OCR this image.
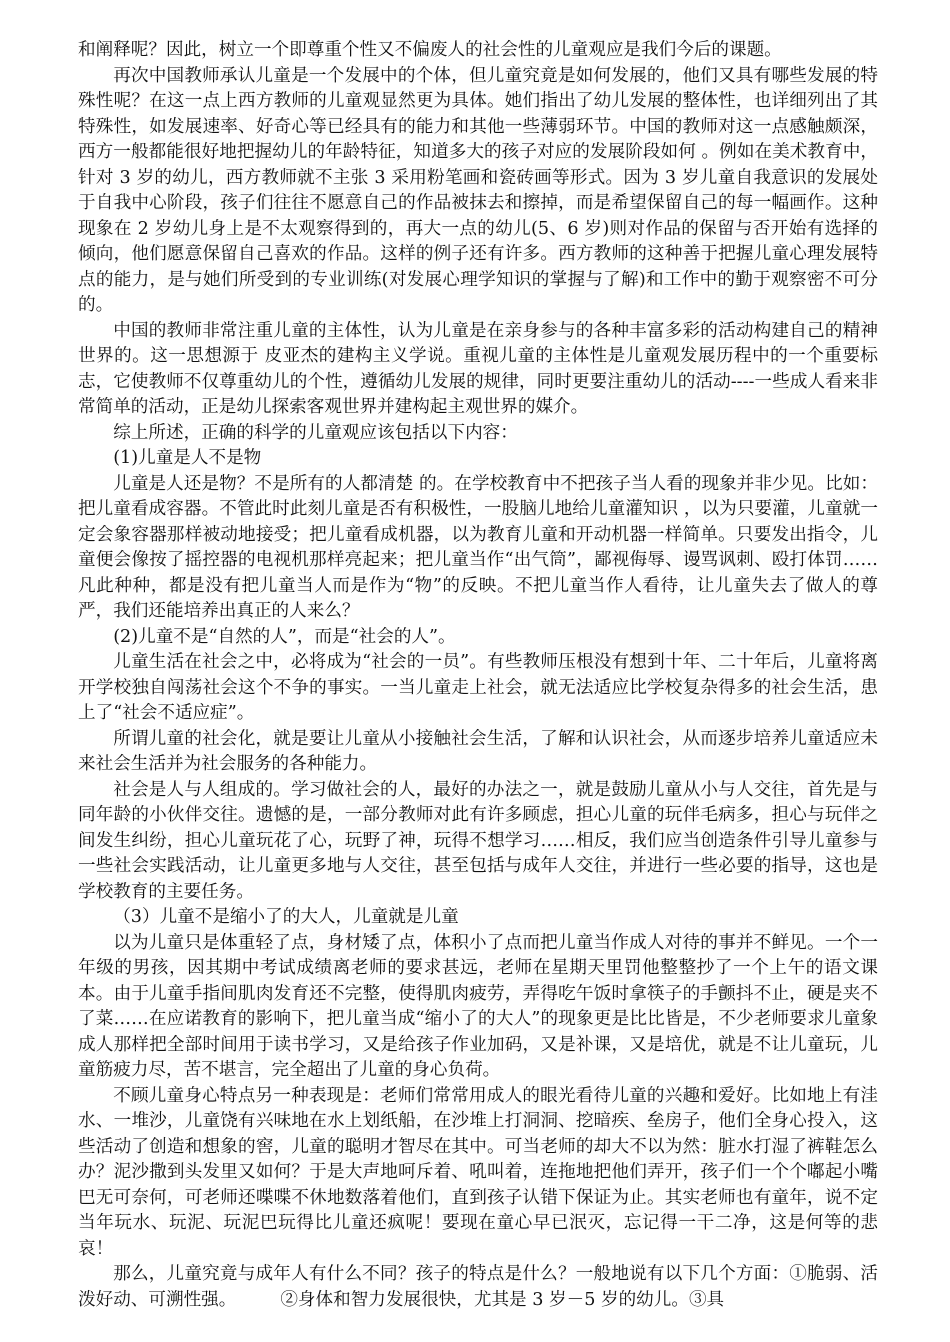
和阐释呢？因此，树立一个即尊重个性又不偏废人的社会性的儿童观应是我们今后的课题。

再次中国教师承认儿童是一个发展中的个体，但儿童究竟是如何发展的，他们又具有哪些发展的特殊性呢？在这一点上西方教师的儿童观显然更为具体。她们指出了幼儿发展的整体性，也详细列出了其特殊性，如发展速率、好奇心等已经具有的能力和其他一些薄弱环节。中国的教师对这一点感触颇深，西方一般都能很好地把握幼儿的年龄特征，知道多大的孩子对应的发展阶段如何 。例如在美术教育中，针对 3 岁的幼儿，西方教师就不主张 3 采用粉笔画和瓷砖画等形式。因为 3 岁儿童自我意识的发展处于自我中心阶段，孩子们往往不愿意自己的作品被抹去和擦掉，而是希望保留自己的每一幅画作。这种现象在 2 岁幼儿身上是不太观察得到的，再大一点的幼儿(5、6 岁)则对作品的保留与否开始有选择的倾向，他们愿意保留自己喜欢的作品。这样的例子还有许多。西方教师的这种善于把握儿童心理发展特点的能力，是与她们所受到的专业训练(对发展心理学知识的掌握与了解)和工作中的勤于观察密不可分的。

中国的教师非常注重儿童的主体性，认为儿童是在亲身参与的各种丰富多彩的活动构建自己的精神世界的。这一思想源于 皮亚杰的建构主义学说。重视儿童的主体性是儿童观发展历程中的一个重要标志，它使教师不仅尊重幼儿的个性，遵循幼儿发展的规律，同时更要注重幼儿的活动----一些成人看来非常简单的活动，正是幼儿探索客观世界并建构起主观世界的媒介。

综上所述，正确的科学的儿童观应该包括以下内容：

(1)儿童是人不是物

儿童是人还是物？不是所有的人都清楚 的。在学校教育中不把孩子当人看的现象并非少见。比如：把儿童看成容器。不管此时此刻儿童是否有积极性，一股脑儿地给儿童灌知识 ，以为只要灌，儿童就一定会象容器那样被动地接受；把儿童看成机器，以为教育儿童和开动机器一样简单。只要发出指令，儿童便会像按了摇控器的电视机那样亮起来；把儿童当作“出气筒”，鄙视侮辱、谩骂讽刺、殴打体罚……凡此种种，都是没有把儿童当人而是作为“物”的反映。不把儿童当作人看待，让儿童失去了做人的尊严，我们还能培养出真正的人来么？

(2)儿童不是“自然的人”，而是“社会的人”。

儿童生活在社会之中，必将成为“社会的一员”。有些教师压根没有想到十年、二十年后，儿童将离开学校独自闯荡社会这个不争的事实。一当儿童走上社会，就无法适应比学校复杂得多的社会生活，患上了“社会不适应症”。

所谓儿童的社会化，就是要让儿童从小接触社会生活，了解和认识社会，从而逐步培养儿童适应未来社会生活并为社会服务的各种能力。

社会是人与人组成的。学习做社会的人，最好的办法之一，就是鼓励儿童从小与人交往，首先是与同年龄的小伙伴交往。遗憾的是，一部分教师对此有许多顾虑，担心儿童的玩伴毛病多，担心与玩伴之间发生纠纷，担心儿童玩花了心，玩野了神，玩得不想学习……相反，我们应当创造条件引导儿童参与一些社会实践活动，让儿童更多地与人交往，甚至包括与成年人交往，并进行一些必要的指导，这也是学校教育的主要任务。

（3）儿童不是缩小了的大人，儿童就是儿童

以为儿童只是体重轻了点，身材矮了点，体积小了点而把儿童当作成人对待的事并不鲜见。一个一年级的男孩，因其期中考试成绩离老师的要求甚远，老师在星期天里罚他整整抄了一个上午的语文课本。由于儿童手指间肌肉发育还不完整，使得肌肉疲劳，弄得吃午饭时拿筷子的手颤抖不止，硬是夹不了菜……在应诺教育的影响下，把儿童当成“缩小了的大人”的现象更是比比皆是，不少老师要求儿童象成人那样把全部时间用于读书学习，又是给孩子作业加码，又是补课，又是培优，就是不让儿童玩，儿童筋疲力尽，苦不堪言，完全超出了儿童的身心负荷。

不顾儿童身心特点另一种表现是：老师们常常用成人的眼光看待儿童的兴趣和爱好。比如地上有洼水、一堆沙，儿童饶有兴味地在水上划纸船，在沙堆上打洞洞、挖暗疾、垒房子，他们全身心投入，这些活动了创造和想象的窖，儿童的聪明才智尽在其中。可当老师的却大不以为然：脏水打湿了裤鞋怎么办？泥沙撒到头发里又如何？于是大声地呵斥着、吼叫着，连拖地把他们弄开，孩子们一个个嘟起小嘴巴无可奈何，可老师还喋喋不休地数落着他们，直到孩子认错下保证为止。其实老师也有童年，说不定当年玩水、玩泥、玩泥巴玩得比儿童还疯呢！要现在童心早已泯灭，忘记得一干二净，这是何等的悲哀！

那么，儿童究竟与成年人有什么不同？孩子的特点是什么？一般地说有以下几个方面：①脆弱、活泼好动、可溯性强。　　　②身体和智力发展很快，尤其是 3 岁－5 岁的幼儿。③具
